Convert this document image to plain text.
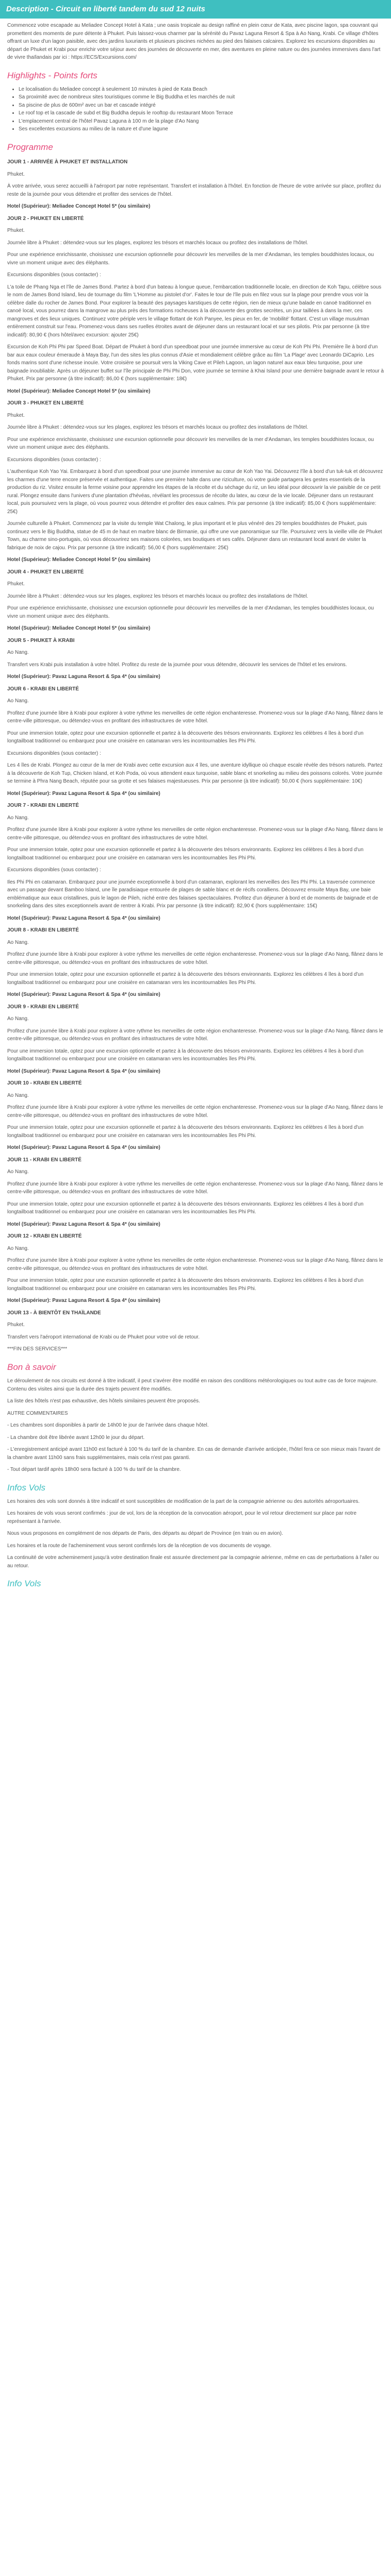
Description - Circuit en liberté tandem du sud 12 nuits

Commencez votre escapade au Meliadee Concept Hotel à Kata ; une oasis tropicale au design raffiné en plein cœur de Kata, avec piscine lagon, spa couvrant qui promettent des moments de pure détente à Phuket. Puis laissez-vous charmer par la sérénité du Pavaz Laguna Resort & Spa à Ao Nang, Krabi. Ce village d'hôtes offrant un luxe d'un lagon paisible, avec des jardins luxuriants et plusieurs piscines nichées au pied des falaises calcaires. Explorez les excursions disponibles au départ de Phuket et Krabi pour enrichir votre séjour avec des journées de découverte en mer, des aventures en pleine nature ou des journées immersives dans l'art de vivre thaïlandais par ici : https://ECS/Excursions.com/

Highlights - Points forts
• Le localisation du Meliadee concept à seulement 10 minutes à pied de Kata Beach
• Sa proximité avec de nombreux sites touristiques comme le Big Buddha et les marchés de nuit
• Sa piscine de plus de 600m² avec un bar et cascade intégré
• Le roof top et la cascade de subd et Big Buddha depuis le rooftop du restaurant Moon Terrace
• L'emplacement central de l'hôtel Pavaz Laguna à 100 m de la plage d'Ao Nang
• Ses excellentes excursions au milieu de la nature et d'une lagune
Programme

JOUR 1 - ARRIVÉE À PHUKET ET INSTALLATION

Phuket.

À votre arrivée, vous serez accueilli à l'aéroport par notre représentant. Transfert et installation à l'hôtel. En fonction de l'heure de votre arrivée sur place, profitez du reste de la journée pour vous détendre et profiter des services de l'hôtel.

Hotel (Supérieur): Meliadee Concept Hotel 5* (ou similaire)

JOUR 2 - PHUKET EN LIBERTÉ

Phuket.

Journée libre à Phuket : détendez-vous sur les plages, explorez les trésors et marchés locaux ou profitez des installations de l'hôtel.

Pour une expérience enrichissante, choisissez une excursion optionnelle pour découvrir les merveilles de la mer d'Andaman, les temples bouddhistes locaux, ou vivre un moment unique avec des éléphants.

Excursions disponibles (sous contacter) :

L'a toile de Phang Nga et l'île de James Bond. Partez à bord d'un bateau à longue queue, l'embarcation traditionnelle locale, en direction de Koh Tapu, célèbre sous le nom de James Bond Island, lieu de tournage du film 'L'Homme au pistolet d'or'. Faites le tour de l'île puis en filez vous sur la plage pour prendre vous voir la célèbre dalle du rocher de James Bond. Pour explorer la beauté des paysages karstiques de cette région, rien de mieux qu'une balade en canoë traditionnel en canoë local, vous pourrez dans la mangrove au plus près des formations rocheuses à la découverte des grottes secrètes, un jour taillées à dans la mer, ces mangroves et des lieux uniques. Continuez votre périple vers le village flottant de Koh Panyee, les pieux en fer, de 'mobilité' flottant. C'est un village musulman entièrement construit sur l'eau. Promenez-vous dans ses ruelles étroites avant de déjeuner dans un restaurant local et sur ses pilotis. Prix par personne (à titre indicatif): 80,90 € (hors hôtel/avec excursion: ajouter 25€)

Excursion de Koh Phi Phi par Speed Boat. Départ de Phuket à bord d'un speedboat pour une journée immersive au cœur de Koh Phi Phi. Première île à bord d'un bar aux eaux couleur émeraude à Maya Bay, l'un des sites les plus connus d'Asie et mondialement célèbre grâce au film 'La Plage' avec Leonardo DiCaprio. Les fonds marins sont d'une richesse inouïe. Votre croisière se poursuit vers la Viking Cave et Pileh Lagoon, un lagon naturel aux eaux bleu turquoise, pour une baignade inoubliable. Après un déjeuner buffet sur l'île principale de Phi Phi Don, votre journée se termine à Khai Island pour une dernière baignade avant le retour à Phuket. Prix par personne (à titre indicatif): 86,00 € (hors supplémentaire: 18€)

Hotel (Supérieur): Meliadee Concept Hotel 5* (ou similaire)

JOUR 3 - PHUKET EN LIBERTÉ

Phuket.

Journée libre à Phuket : détendez-vous sur les plages, explorez les trésors et marchés locaux ou profitez des installations de l'hôtel.

Pour une expérience enrichissante, choisissez une excursion optionnelle pour découvrir les merveilles de la mer d'Andaman, les temples bouddhistes locaux, ou vivre un moment unique avec des éléphants.

Excursions disponibles (sous contacter) :

L'authentique Koh Yao Yai. Embarquez à bord d'un speedboat pour une journée immersive au cœur de Koh Yao Yai. Découvrez l'île à bord d'un tuk-tuk et découvrez les charmes d'une terre encore préservée et authentique. Faites une première halte dans une riziculture, où votre guide partagera les gestes essentiels de la production du riz. Visitez ensuite la ferme voisine pour apprendre les étapes de la récolte et du séchage du riz, un lieu idéal pour découvrir la vie paisible de ce petit rural. Plongez ensuite dans l'univers d'une plantation d'hévéas, révélant les processus de récolte du latex, au cœur de la vie locale. Déjeuner dans un restaurant local, puis poursuivez vers la plage, où vous pourrez vous détendre et profiter des eaux calmes. Prix par personne (à titre indicatif): 85,00 € (hors supplémentaire: 25€)

Journée culturelle à Phuket. Commencez par la visite du temple Wat Chalong, le plus important et le plus vénéré des 29 temples bouddhistes de Phuket, puis continuez vers le Big Buddha, statue de 45 m de haut en marbre blanc de Birmanie, qui offre une vue panoramique sur l'île. Poursuivez vers la vieille ville de Phuket Town, au charme sino-portugais, où vous découvrirez ses maisons colorées, ses boutiques et ses cafés. Déjeuner dans un restaurant local avant de visiter la fabrique de noix de cajou. Prix par personne (à titre indicatif): 56,00 € (hors supplémentaire: 25€)

Hotel (Supérieur): Meliadee Concept Hotel 5* (ou similaire)

JOUR 4 - PHUKET EN LIBERTÉ

Phuket.

Journée libre à Phuket : détendez-vous sur les plages, explorez les trésors et marchés locaux ou profitez des installations de l'hôtel.

Pour une expérience enrichissante, choisissez une excursion optionnelle pour découvrir les merveilles de la mer d'Andaman, les temples bouddhistes locaux, ou vivre un moment unique avec des éléphants.

Hotel (Supérieur): Meliadee Concept Hotel 5* (ou similaire)

JOUR 5 - PHUKET À KRABI

Ao Nang.

Transfert vers Krabi puis installation à votre hôtel. Profitez du reste de la journée pour vous détendre, découvrir les services de l'hôtel et les environs.

Hotel (Supérieur): Pavaz Laguna Resort & Spa 4* (ou similaire)

JOUR 6 - KRABI EN LIBERTÉ

Ao Nang.

Profitez d'une journée libre à Krabi pour explorer à votre rythme les merveilles de cette région enchanteresse. Promenez-vous sur la plage d'Ao Nang, flânez dans le centre-ville pittoresque, ou détendez-vous en profitant des infrastructures de votre hôtel.

Pour une immersion totale, optez pour une excursion optionnelle et partez à la découverte des trésors environnants. Explorez les célèbres 4 îles à bord d'un longtailboat traditionnel ou embarquez pour une croisière en catamaran vers les incontournables îles Phi Phi.

Excursions disponibles (sous contacter) :

Les 4 îles de Krabi. Plongez au cœur de la mer de Krabi avec cette excursion aux 4 îles, une aventure idyllique où chaque escale révèle des trésors naturels. Partez à la découverte de Koh Tup, Chicken Island, et Koh Poda, où vous attendent eaux turquoise, sable blanc et snorkeling au milieu des poissons colorés. Votre journée se termine à Phra Nang Beach, réputée pour sa grotte et ses falaises majestueuses. Prix par personne (à titre indicatif): 50,00 € (hors supplémentaire: 10€)

Hotel (Supérieur): Pavaz Laguna Resort & Spa 4* (ou similaire)

JOUR 7 - KRABI EN LIBERTÉ

Ao Nang.

Profitez d'une journée libre à Krabi pour explorer à votre rythme les merveilles de cette région enchanteresse. Promenez-vous sur la plage d'Ao Nang, flânez dans le centre-ville pittoresque, ou détendez-vous en profitant des infrastructures de votre hôtel.

Pour une immersion totale, optez pour une excursion optionnelle et partez à la découverte des trésors environnants. Explorez les célèbres 4 îles à bord d'un longtailboat traditionnel ou embarquez pour une croisière en catamaran vers les incontournables îles Phi Phi.

Excursions disponibles (sous contacter) :

Iles Phi Phi en catamaran. Embarquez pour une journée exceptionnelle à bord d'un catamaran, explorant les merveilles des îles Phi Phi. La traversée commence avec un passage devant Bamboo Island, une île paradisiaque entourée de plages de sable blanc et de récifs coralliens. Découvrez ensuite Maya Bay, une baie emblématique aux eaux cristallines, puis le lagon de Pileh, niché entre des falaises spectaculaires. Profitez d'un déjeuner à bord et de moments de baignade et de snorkeling dans des sites exceptionnels avant de rentrer à Krabi. Prix par personne (à titre indicatif): 82,90 € (hors supplémentaire: 15€)

Hotel (Supérieur): Pavaz Laguna Resort & Spa 4* (ou similaire)

JOUR 8 - KRABI EN LIBERTÉ

Ao Nang.

Profitez d'une journée libre à Krabi pour explorer à votre rythme les merveilles de cette région enchanteresse. Promenez-vous sur la plage d'Ao Nang, flânez dans le centre-ville pittoresque, ou détendez-vous en profitant des infrastructures de votre hôtel.

Pour une immersion totale, optez pour une excursion optionnelle et partez à la découverte des trésors environnants. Explorez les célèbres 4 îles à bord d'un longtailboat traditionnel ou embarquez pour une croisière en catamaran vers les incontournables îles Phi Phi.

Hotel (Supérieur): Pavaz Laguna Resort & Spa 4* (ou similaire)

JOUR 9 - KRABI EN LIBERTÉ

Ao Nang.

Profitez d'une journée libre à Krabi pour explorer à votre rythme les merveilles de cette région enchanteresse. Promenez-vous sur la plage d'Ao Nang, flânez dans le centre-ville pittoresque, ou détendez-vous en profitant des infrastructures de votre hôtel.

Pour une immersion totale, optez pour une excursion optionnelle et partez à la découverte des trésors environnants. Explorez les célèbres 4 îles à bord d'un longtailboat traditionnel ou embarquez pour une croisière en catamaran vers les incontournables îles Phi Phi.

Hotel (Supérieur): Pavaz Laguna Resort & Spa 4* (ou similaire)

JOUR 10 - KRABI EN LIBERTÉ

Ao Nang.

Profitez d'une journée libre à Krabi pour explorer à votre rythme les merveilles de cette région enchanteresse. Promenez-vous sur la plage d'Ao Nang, flânez dans le centre-ville pittoresque, ou détendez-vous en profitant des infrastructures de votre hôtel.

Pour une immersion totale, optez pour une excursion optionnelle et partez à la découverte des trésors environnants. Explorez les célèbres 4 îles à bord d'un longtailboat traditionnel ou embarquez pour une croisière en catamaran vers les incontournables îles Phi Phi.

Hotel (Supérieur): Pavaz Laguna Resort & Spa 4* (ou similaire)

JOUR 11 - KRABI EN LIBERTÉ

Ao Nang.

Profitez d'une journée libre à Krabi pour explorer à votre rythme les merveilles de cette région enchanteresse. Promenez-vous sur la plage d'Ao Nang, flânez dans le centre-ville pittoresque, ou détendez-vous en profitant des infrastructures de votre hôtel.

Pour une immersion totale, optez pour une excursion optionnelle et partez à la découverte des trésors environnants. Explorez les célèbres 4 îles à bord d'un longtailboat traditionnel ou embarquez pour une croisière en catamaran vers les incontournables îles Phi Phi.

Hotel (Supérieur): Pavaz Laguna Resort & Spa 4* (ou similaire)

JOUR 12 - KRABI EN LIBERTÉ

Ao Nang.

Profitez d'une journée libre à Krabi pour explorer à votre rythme les merveilles de cette région enchanteresse. Promenez-vous sur la plage d'Ao Nang, flânez dans le centre-ville pittoresque, ou détendez-vous en profitant des infrastructures de votre hôtel.

Pour une immersion totale, optez pour une excursion optionnelle et partez à la découverte des trésors environnants. Explorez les célèbres 4 îles à bord d'un longtailboat traditionnel ou embarquez pour une croisière en catamaran vers les incontournables îles Phi Phi.

Hotel (Supérieur): Pavaz Laguna Resort & Spa 4* (ou similaire)

JOUR 13 - À BIENTÔT EN THAÏLANDE

Phuket.

Transfert vers l'aéroport international de Krabi ou de Phuket pour votre vol de retour.

***FIN DES SERVICES***

Bon à savoir

Le déroulement de nos circuits est donné à titre indicatif, il peut s'avérer être modifié en raison des conditions météorologiques ou tout autre cas de force majeure. Contenu des visites ainsi que la durée des trajets peuvent être modifiés.

La liste des hôtels n'est pas exhaustive, des hôtels similaires peuvent être proposés.

AUTRE COMMENTAIRES

- Les chambres sont disponibles à partir de 14h00 le jour de l'arrivée dans chaque hôtel.

- La chambre doit être libérée avant 12h00 le jour du départ.

- L'enregistrement anticipé avant 11h00 est facturé à 100 % du tarif de la chambre. En cas de demande d'arrivée anticipée, l'hôtel fera ce son mieux mais l'avant de la chambre avant 11h00 sans frais supplémentaires, mais cela n'est pas garanti.

- Tout départ tardif après 18h00 sera facturé à 100 % du tarif de la chambre.

Infos Vols

Les horaires des vols sont donnés à titre indicatif et sont susceptibles de modification de la part de la compagnie aérienne ou des autorités aéroportuaires.

Les horaires de vols vous seront confirmés : jour de vol, lors de la réception de la convocation aéroport, pour le vol retour directement sur place par notre représentant à l'arrivée.

Nous vous proposons en complément de nos départs de Paris, des départs au départ de Province (en train ou en avion).

Les horaires et la route de l'acheminement vous seront confirmés lors de la réception de vos documents de voyage.

La continuité de votre acheminement jusqu'à votre destination finale est assurée directement par la compagnie aérienne, même en cas de perturbations à l'aller ou au retour.

Info Vols
